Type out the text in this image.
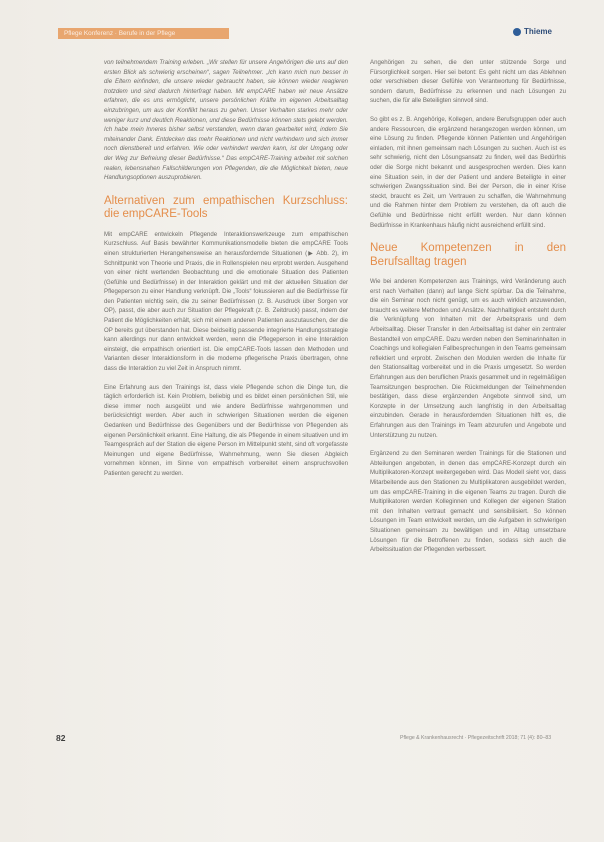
Pflege Konferenz · Berufe in der Pflege	Thieme

von teilnehmendem Training erleben. „Wir stellen für unsere Angehörigen die uns auf den ersten Blick als schwierig erscheinen“, sagen Teilnehmer. „Ich kann mich nun besser in die Eltern einfinden, die unsere wieder gebraucht haben, sie können wieder reagieren trotzdem und sind dadurch hinterfragt haben. Mit empCARE haben wir neue Ansätze erfahren, die es uns ermöglicht, unsere persönlichen Kräfte im eigenen Arbeitsalltag einzubringen, um aus der Konflikt heraus zu gehen. Unser Verhalten starkes mehr oder weniger kurz und deutlich Reaktionen, und diese Bedürfnisse können stets gelebt werden. Ich habe mein Inneres bisher selbst verstanden, wenn daran gearbeitet wird, indem Sie miteinander Dank. Entdecken das mehr Reaktionen und nicht verhindern und sich immer noch dienstbereit und erfahren. Wie oder verhindert werden kann, ist der Umgang oder der Weg zur Befreiung dieser Bedürfnisse.“ Das empCARE-Training arbeitet mit solchen realen, lebensnahen Fallschilderungen von Pflegenden, die die Möglichkeit bieten, neue Handlungsoptionen auszuprobieren.

Alternativen zum empathischen Kurzschluss: die empCARE-Tools

Mit empCARE entwickeln Pflegende Interaktionswerkzeuge zum empathischen Kurzschluss. Auf Basis bewährter Kommunikationsmodelle bieten die empCARE Tools einen strukturierten Herangehensweise an herausfordernde Situationen (▶ Abb. 2), im Schnittpunkt von Theorie und Praxis, die in Rollenspielen neu erprobt werden. Ausgehend von einer nicht wertenden Beobachtung und die emotionale Situation des Patienten (Gefühle und Bedürfnisse) in der Interaktion geklärt und mit der aktuellen Situation der Pflegeperson zu einer Handlung verknüpft. Die „Tools“ fokussieren auf die Bedürfnisse für den Patienten wichtig sein, die zu seiner Bedürfnissen (z. B. Ausdruck über Sorgen vor OP), passt, die aber auch zur Situation der Pflegekraft (z. B. Zeitdruck) passt, indem der Patient die Möglichkeiten erhält, sich mit einem anderen Patienten auszutauschen, der die OP bereits gut überstanden hat. Diese beidseitig passende integrierte Handlungsstrategie kann allerdings nur dann entwickelt werden, wenn die Pflegeperson in eine Interaktion einsteigt, die empathisch orientiert ist. Die empCARE-Tools lassen den Methoden und Varianten dieser Interaktionsform in die moderne pflegerische Praxis übertragen, ohne dass die Interaktion zu viel Zeit in Anspruch nimmt.

Eine Erfahrung aus den Trainings ist, dass viele Pflegende schon die Dinge tun, die täglich erforderlich ist. Kein Problem, beliebig und es bildet einen persönlichen Stil, wie diese immer noch ausgeübt und wie andere Bedürfnisse wahrgenommen und berücksichtigt werden. Aber auch in schwierigen Situationen werden die eigenen Gedanken und Bedürfnisse des Gegenübers und der Bedürfnisse von Pflegenden als eigenen Persönlichkeit erkannt. Eine Haltung, die als Pflegende in einem situativen und im Teamgespräch auf der Station die eigene Person im Mittelpunkt steht, sind oft vorgefasste Meinungen und eigene Bedürfnisse, Wahrnehmung, wenn Sie diesen Abgleich vornehmen können, im Sinne von empathisch vorbereitet einem anspruchsvollen Patienten gerecht zu werden.

Angehörigen zu sehen, die den unter stützende Sorge und Fürsorglichkeit sorgen. Hier sei betont: Es geht nicht um das Ablehnen oder verschieben dieser Gefühle von Verantwortung für Bedürfnisse, sondern darum, Bedürfnisse zu erkennen und nach Lösungen zu suchen, die für alle Beteiligten sinnvoll sind.

So gibt es z. B. Angehörige, Kollegen, andere Berufsgruppen oder auch andere Ressourcen, die ergänzend herangezogen werden können, um eine Lösung zu finden. Pflegende können Patienten und Angehörigen einladen, mit ihnen gemeinsam nach Lösungen zu suchen. Auch ist es sehr schwierig, nicht den Lösungsansatz zu finden, weil das Bedürfnis oder die Sorge nicht bekannt und ausgesprochen werden. Dies kann eine Situation sein, in der der Patient und andere Beteiligte in einer schwierigen Zwangssituation sind. Bei der Person, die in einer Krise steckt, braucht es Zeit, um Vertrauen zu schaffen, die Wahrnehmung und die Rahmen hinter dem Problem zu verstehen, da oft auch die Gefühle und Bedürfnisse nicht erfüllt werden. Nur dann können Bedürfnisse in Krankenhaus häufig nicht ausreichend erfüllt sind.

Neue Kompetenzen in den Berufsalltag tragen

Wie bei anderen Kompetenzen aus Trainings, wird Veränderung auch erst nach Verhalten (dann) auf lange Sicht spürbar. Da die Teilnahme, die ein Seminar noch nicht genügt, um es auch wirklich anzuwenden, braucht es weitere Methoden und Ansätze. Nachhaltigkeit entsteht durch die Verknüpfung von Inhalten mit der Arbeitspraxis und dem Arbeitsalltag. Dieser Transfer in den Arbeitsalltag ist daher ein zentraler Bestandteil von empCARE. Dazu werden neben den Seminarinhalten in Coachings und kollegialen Fallbesprechungen in den Teams gemeinsam reflektiert und erprobt. Zwischen den Modulen werden die Inhalte für den Stationsalltag vorbereitet und in die Praxis umgesetzt. So werden Erfahrungen aus den beruflichen Praxis gesammelt und in regelmäßigen Teamsitzungen besprochen. Die Rückmeldungen der Teilnehmenden bestätigen, dass diese ergänzenden Angebote sinnvoll sind, um Konzepte in der Umsetzung auch langfristig in den Arbeitsalltag einzubinden. Gerade in herausfordernden Situationen hilft es, die Erfahrungen aus den Trainings im Team abzurufen und Angebote und Unterstützung zu nutzen.

Ergänzend zu den Seminaren werden Trainings für die Stationen und Abteilungen angeboten, in denen das empCARE-Konzept durch ein Multiplikatoren-Konzept weitergegeben wird. Das Modell sieht vor, dass Mitarbeitende aus den Stationen zu Multiplikatoren ausgebildet werden, um das empCARE-Training in die eigenen Teams zu tragen. Durch die Multiplikatoren werden Kolleginnen und Kollegen der eigenen Station mit den Inhalten vertraut gemacht und sensibilisiert. So können Lösungen im Team entwickelt werden, um die Aufgaben in schwierigen Situationen gemeinsam zu bewältigen und im Alltag umsetzbare Lösungen für die Betroffenen zu finden, sodass sich auch die Arbeitssituation der Pflegenden verbessert.

82	Pflege & Krankenhausrecht · Pflegezeitschrift 2018; 71 (4): 80–83
